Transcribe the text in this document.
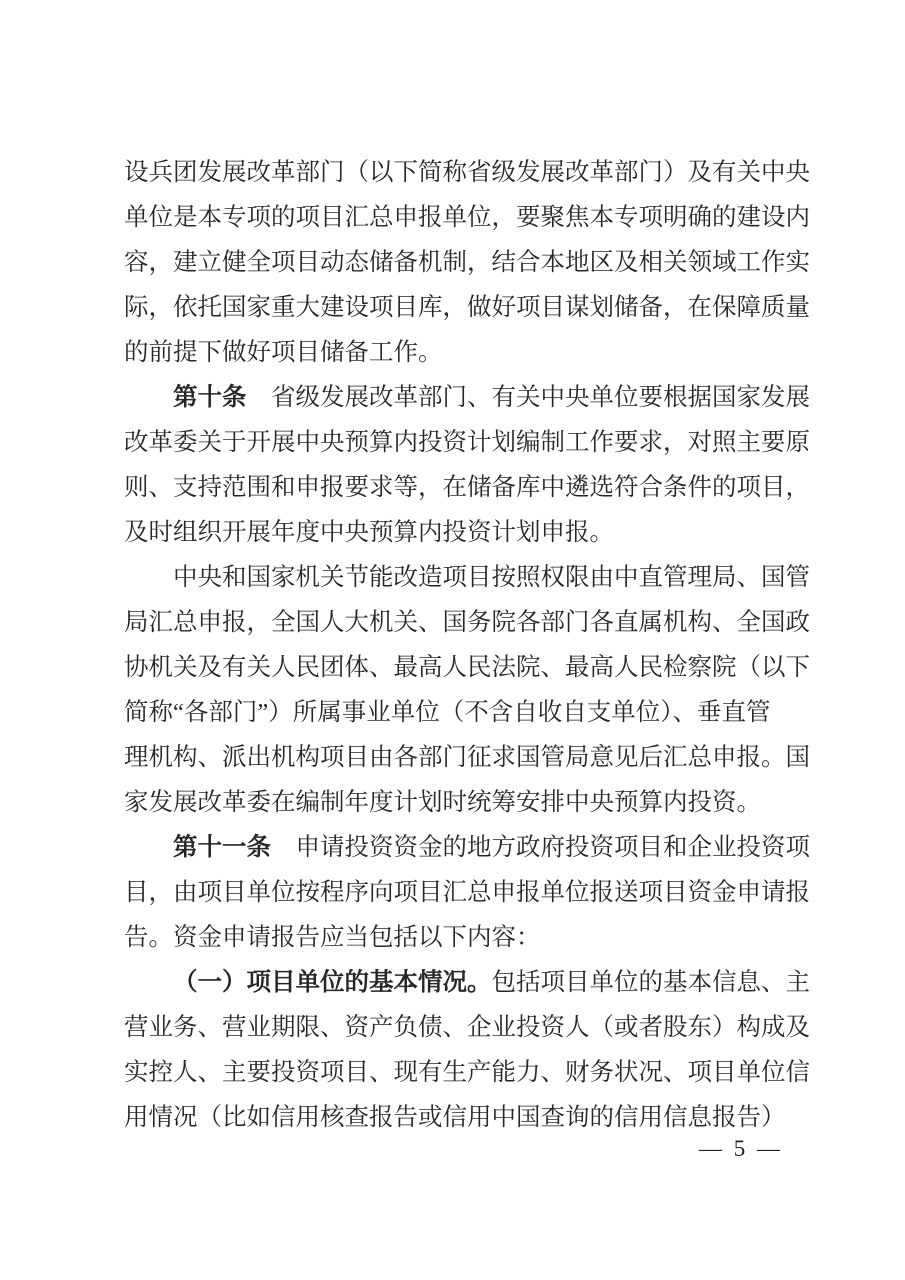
设兵团发展改革部门（以下简称省级发展改革部门）及有关中央
单位是本专项的项目汇总申报单位，要聚焦本专项明确的建设内
容，建立健全项目动态储备机制，结合本地区及相关领域工作实
际，依托国家重大建设项目库，做好项目谋划储备，在保障质量
的前提下做好项目储备工作。
第十条　省级发展改革部门、有关中央单位要根据国家发展
改革委关于开展中央预算内投资计划编制工作要求，对照主要原
则、支持范围和申报要求等，在储备库中遴选符合条件的项目，
及时组织开展年度中央预算内投资计划申报。
中央和国家机关节能改造项目按照权限由中直管理局、国管
局汇总申报，全国人大机关、国务院各部门各直属机构、全国政
协机关及有关人民团体、最高人民法院、最高人民检察院（以下
简称“各部门”）所属事业单位（不含自收自支单位）、垂直管
理机构、派出机构项目由各部门征求国管局意见后汇总申报。国
家发展改革委在编制年度计划时统筹安排中央预算内投资。
第十一条　申请投资资金的地方政府投资项目和企业投资项
目，由项目单位按程序向项目汇总申报单位报送项目资金申请报
告。资金申请报告应当包括以下内容：
（一）项目单位的基本情况。包括项目单位的基本信息、主
营业务、营业期限、资产负债、企业投资人（或者股东）构成及
实控人、主要投资项目、现有生产能力、财务状况、项目单位信
用情况（比如信用核查报告或信用中国查询的信用信息报告）
— 5 —
